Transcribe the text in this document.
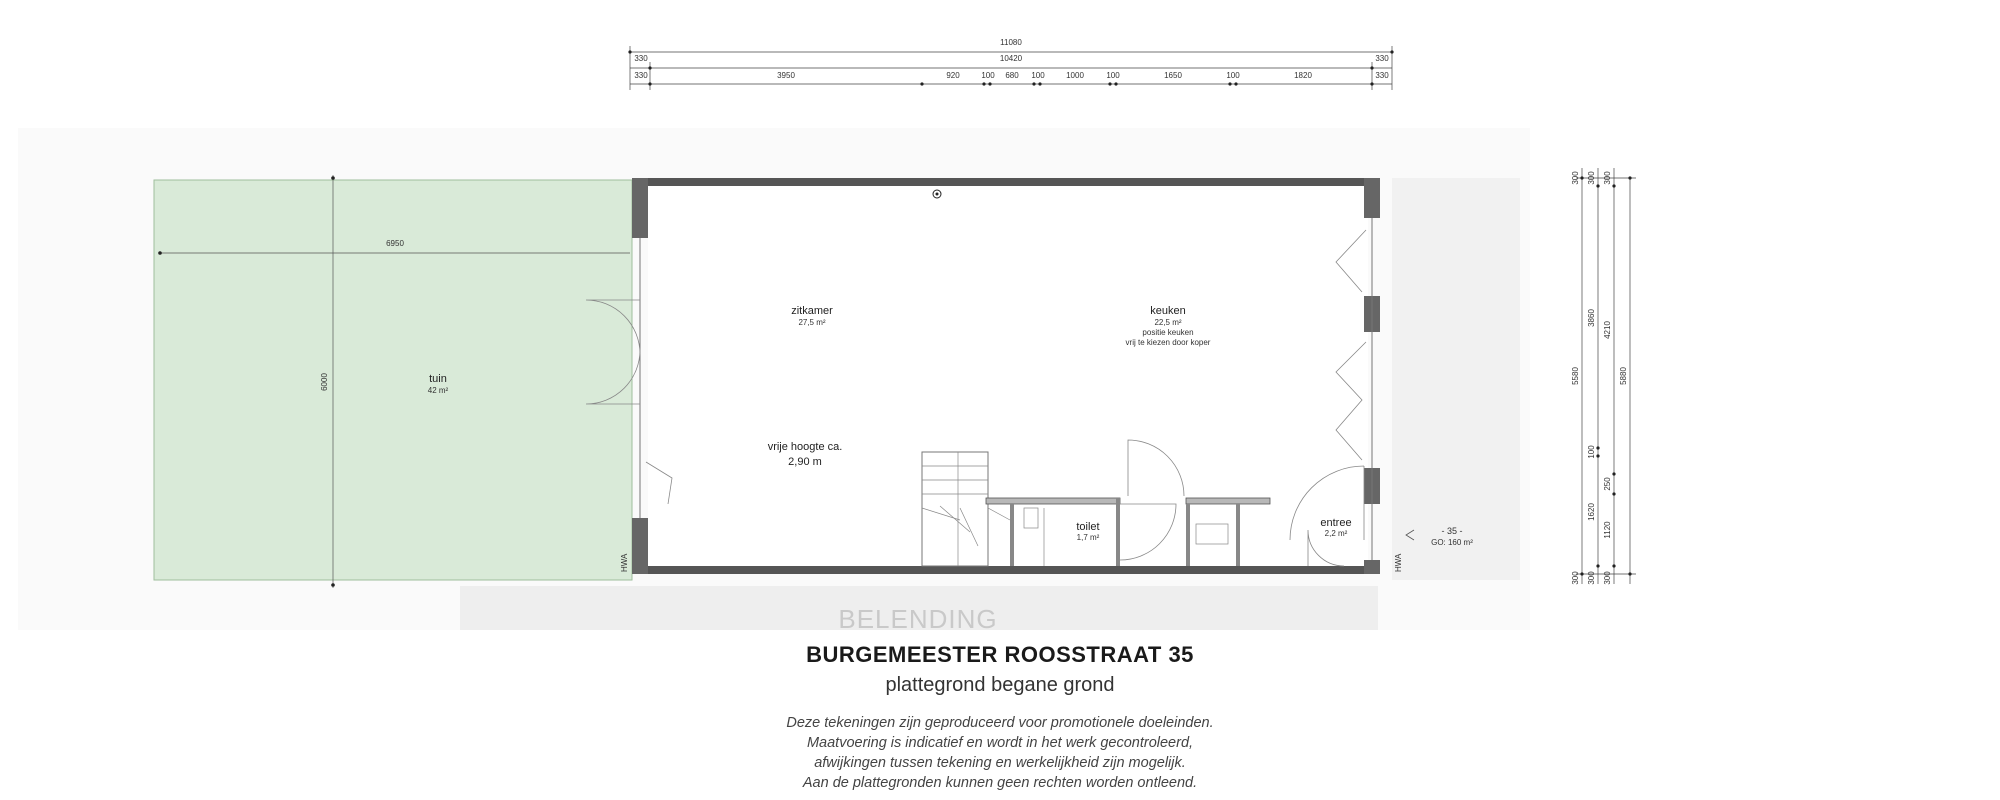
6950
6000	tuin
42 m²
11080
10420
330	330
330	3950	920	100 680 100	1000	100	1650	100	1820	330
300 300 300
5580
3860
4210
5880
100
250
1620
1120
300 300 300
zitkamer
27,5 m²
keuken
22,5 m²
positie keuken
vrij te kiezen door koper
vrije hoogte ca.
2,90 m
toilet
1,7 m²
entree
2,2 m²	- 35 -
GO: 160 m²
HWA	HWA
BELENDING
BURGEMEESTER ROOSSTRAAT 35
plattegrond begane grond
Deze tekeningen zijn geproduceerd voor promotionele doeleinden.
Maatvoering is indicatief en wordt in het werk gecontroleerd,
afwijkingen tussen tekening en werkelijkheid zijn mogelijk.
Aan de plattegronden kunnen geen rechten worden ontleend.
